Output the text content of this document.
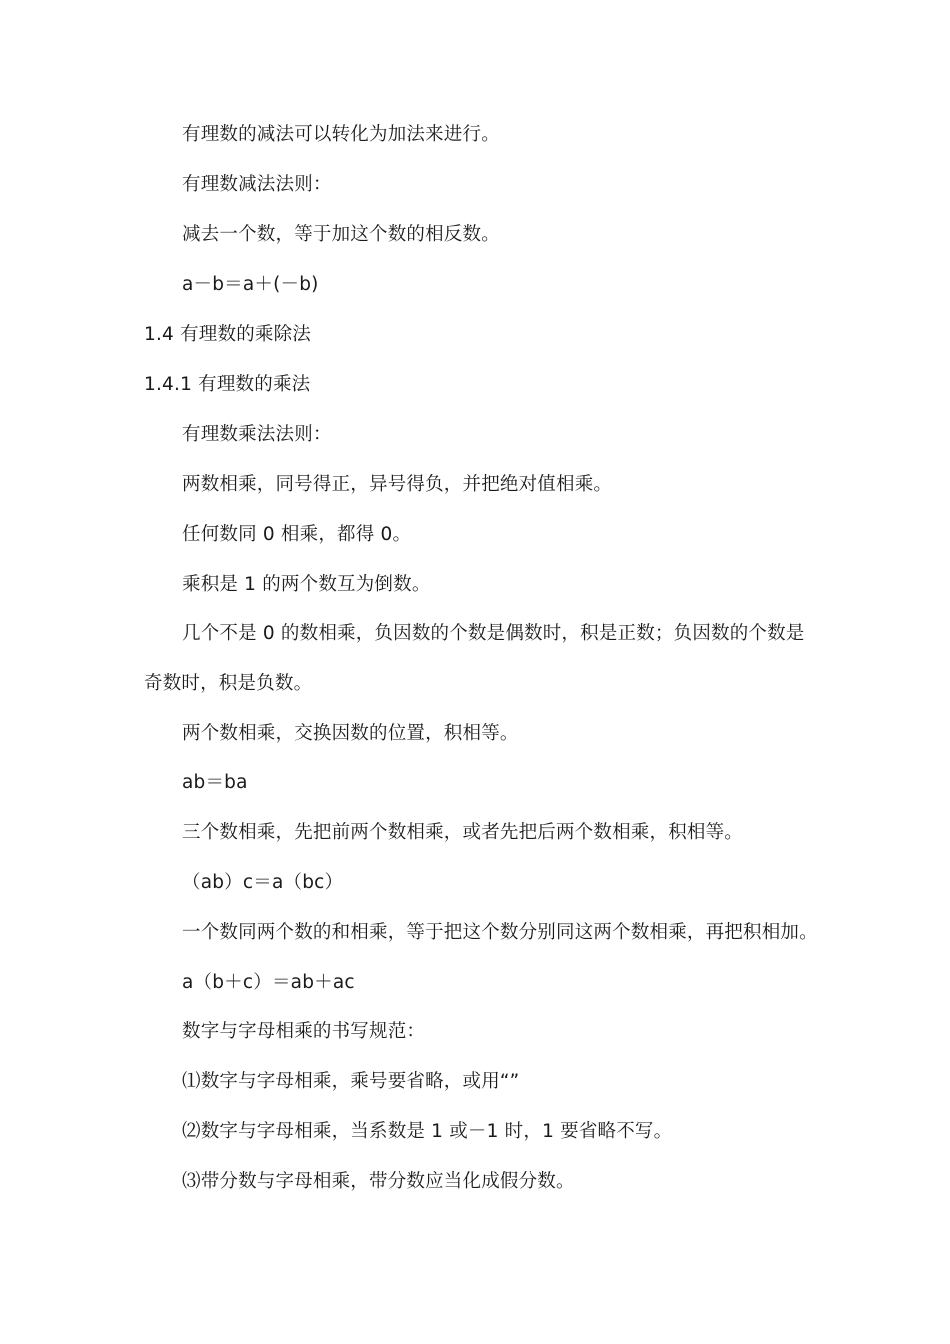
有理数的减法可以转化为加法来进行。
有理数减法法则：
减去一个数，等于加这个数的相反数。
a－b＝a＋(－b)
1.4 有理数的乘除法
1.4.1 有理数的乘法
有理数乘法法则：
两数相乘，同号得正，异号得负，并把绝对值相乘。
任何数同 0 相乘，都得 0。
乘积是 1 的两个数互为倒数。
几个不是 0 的数相乘，负因数的个数是偶数时，积是正数；负因数的个数是
奇数时，积是负数。
两个数相乘，交换因数的位置，积相等。
ab＝ba
三个数相乘，先把前两个数相乘，或者先把后两个数相乘，积相等。
（ab）c＝a（bc）
一个数同两个数的和相乘，等于把这个数分别同这两个数相乘，再把积相加。
a（b＋c）＝ab＋ac
数字与字母相乘的书写规范：
⑴数字与字母相乘，乘号要省略，或用“”
⑵数字与字母相乘，当系数是 1 或－1 时，1 要省略不写。
⑶带分数与字母相乘，带分数应当化成假分数。
